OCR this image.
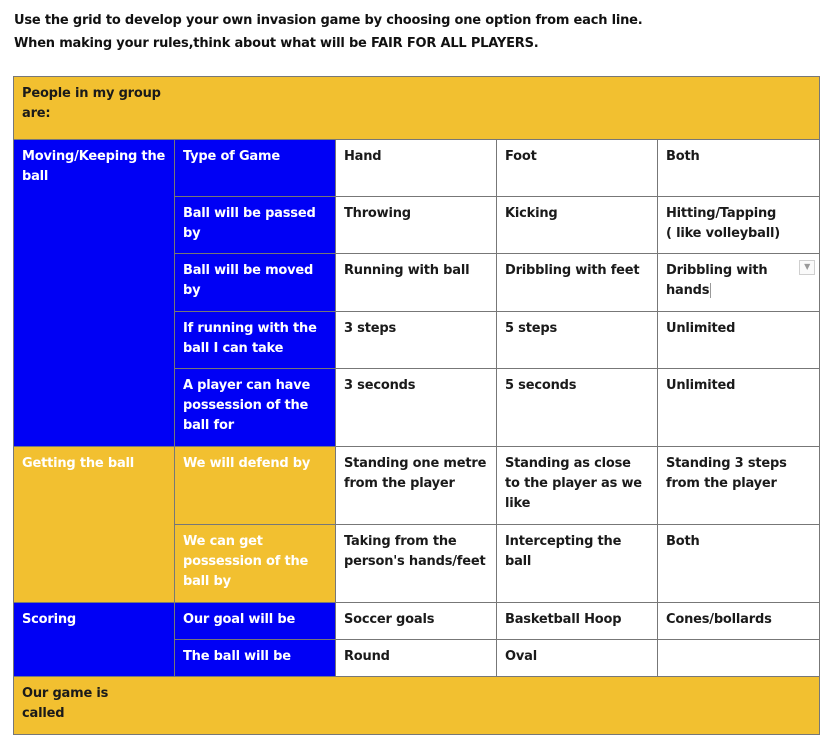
Use the grid to develop your own invasion game by choosing one option from each line.
When making your rules,think about what will be FAIR FOR ALL PLAYERS.
People in my group are:				

Moving/Keeping the ball	Type of Game	Hand	Foot	Both
	Ball will be passed by	Throwing	Kicking	Hitting/Tapping
( like volleyball)
	Ball will be moved by	Running with ball	Dribbling with feet	Dribbling with hands
▼

	If running with the ball I can take	3 steps	5 steps	Unlimited
	A player can have possession of the ball for	3 seconds	5 seconds	Unlimited
Getting the ball	We will defend by	Standing one metre from the player	Standing as close to the player as we like	Standing 3 steps from the player
	We can get possession of the ball by	Taking from the person's hands/feet	Intercepting the ball	Both
Scoring	Our goal will be	Soccer goals	Basketball Hoop	Cones/bollards
	The ball will be	Round	Oval	

Our game is called				
